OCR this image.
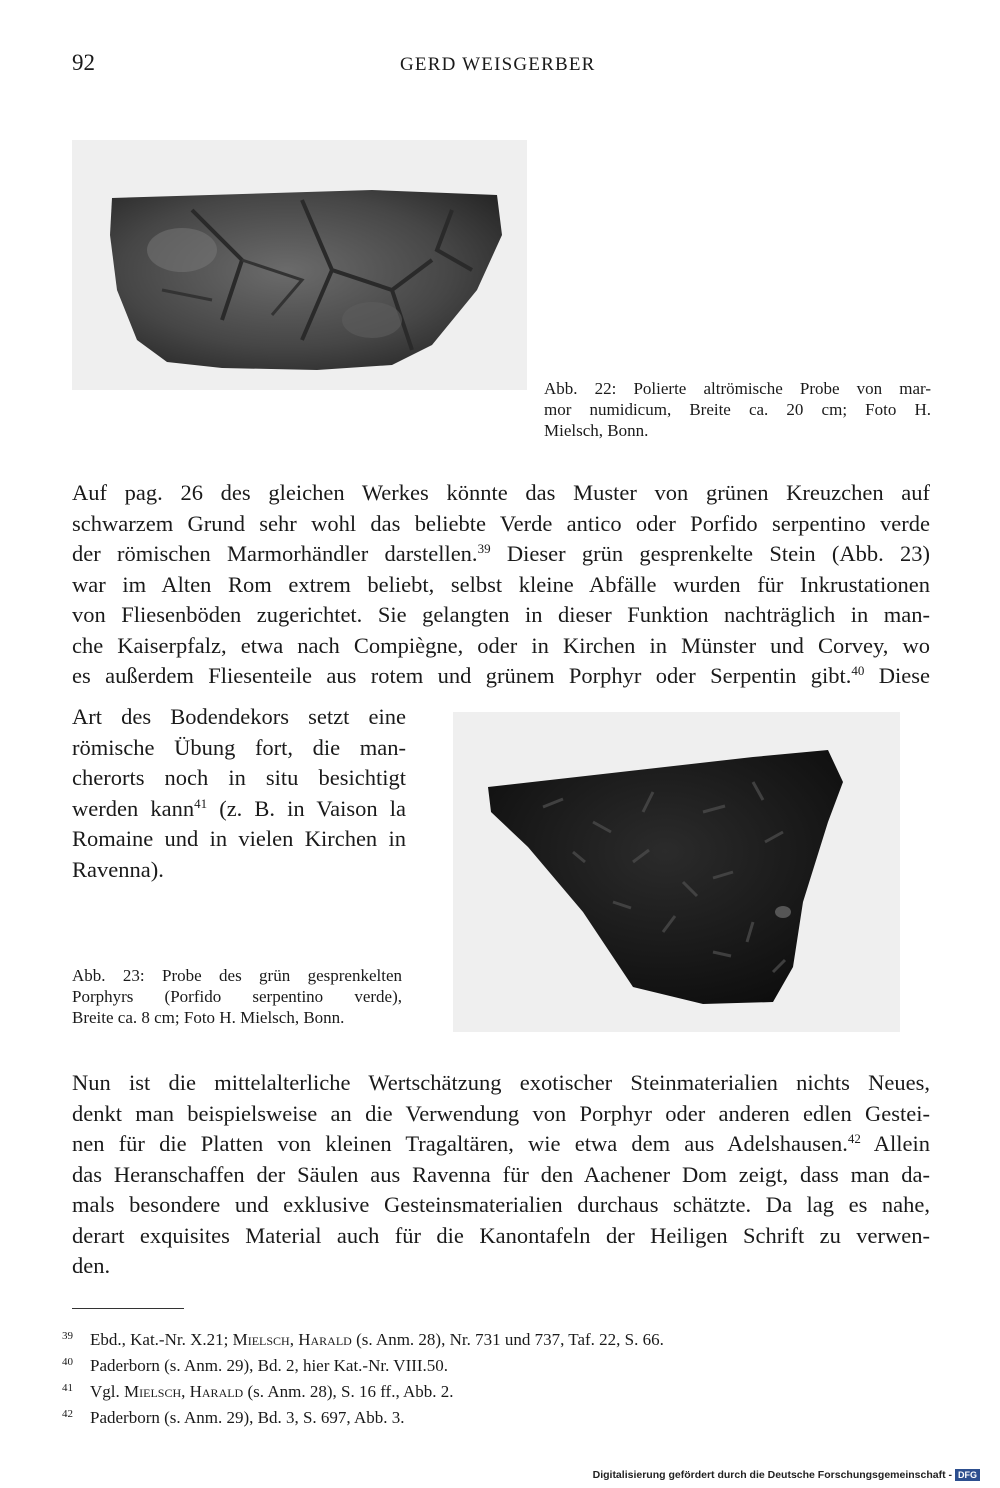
92	GERD WEISGERBER
Abb. 22: Polierte altrömische Probe von mar-
mor numidicum, Breite ca. 20 cm; Foto H.
Mielsch, Bonn.
Auf pag. 26 des gleichen Werkes könnte das Muster von grünen Kreuzchen auf
schwarzem Grund sehr wohl das beliebte Verde antico oder Porfido serpentino verde
der römischen Marmorhändler darstellen.$^{39}$ Dieser grün gesprenkelte Stein (Abb. 23)
war im Alten Rom extrem beliebt, selbst kleine Abfälle wurden für Inkrustationen
von Fliesenböden zugerichtet. Sie gelangten in dieser Funktion nachträglich in man-
che Kaiserpfalz, etwa nach Compiègne, oder in Kirchen in Münster und Corvey, wo
es außerdem Fliesenteile aus rotem und grünem Porphyr oder Serpentin gibt.$^{40}$ Diese
Art des Bodendekors setzt eine
römische Übung fort, die man-
cherorts noch in situ besichtigt
werden kann$^{41}$ (z. B. in Vaison la
Romaine und in vielen Kirchen in
Ravenna).
Abb. 23: Probe des grün gesprenkelten
Porphyrs (Porfido serpentino verde),
Breite ca. 8 cm; Foto H. Mielsch, Bonn.
Nun ist die mittelalterliche Wertschätzung exotischer Steinmaterialien nichts Neues,
denkt man beispielsweise an die Verwendung von Porphyr oder anderen edlen Gestei-
nen für die Platten von kleinen Tragaltären, wie etwa dem aus Adelshausen.$^{42}$ Allein
das Heranschaffen der Säulen aus Ravenna für den Aachener Dom zeigt, dass man da-
mals besondere und exklusive Gesteinsmaterialien durchaus schätzte. Da lag es nahe,
derart exquisites Material auch für die Kanontafeln der Heiligen Schrift zu verwen-
den.
39 Ebd., Kat.-Nr. X.21; Mielsch, Harald (s. Anm. 28), Nr. 731 und 737, Taf. 22, S. 66.
40 Paderborn (s. Anm. 29), Bd. 2, hier Kat.-Nr. VIII.50.
41 Vgl. Mielsch, Harald (s. Anm. 28), S. 16 ff., Abb. 2.
42 Paderborn (s. Anm. 29), Bd. 3, S. 697, Abb. 3.
Digitalisierung gefördert durch die Deutsche Forschungsgemeinschaft - DFG
